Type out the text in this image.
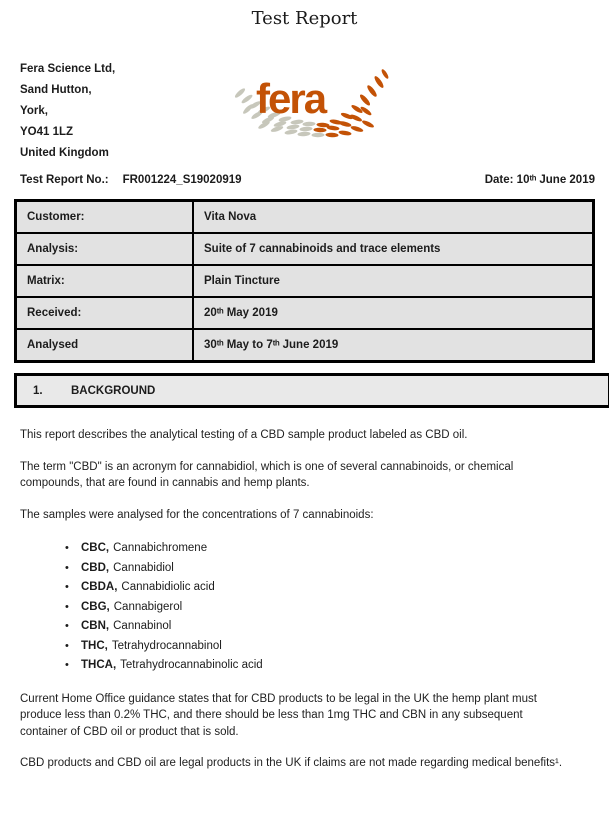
Test Report
Fera Science Ltd,
Sand Hutton,
York,
YO41 1LZ
United Kingdom
fera
Test Report No.: FR001224_S19020919	Date: 10ᵗʰ June 2019
Customer:	Vita Nova
Analysis:	Suite of 7 cannabinoids and trace elements
Matrix:	Plain Tincture
Received:	20ᵗʰ May 2019
Analysed	30ᵗʰ May to 7ᵗʰ June 2019
1.	BACKGROUND
This report describes the analytical testing of a CBD sample product labeled as CBD oil.
The term "CBD" is an acronym for cannabidiol, which is one of several cannabinoids, or chemical
compounds, that are found in cannabis and hemp plants.
The samples were analysed for the concentrations of 7 cannabinoids:
•	CBC, Cannabichromene
•	CBD, Cannabidiol
•	CBDA, Cannabidiolic acid
•	CBG, Cannabigerol
•	CBN, Cannabinol
•	THC, Tetrahydrocannabinol
•	THCA, Tetrahydrocannabinolic acid
Current Home Office guidance states that for CBD products to be legal in the UK the hemp plant must
produce less than 0.2% THC, and there should be less than 1mg THC and CBN in any subsequent
container of CBD oil or product that is sold.
CBD products and CBD oil are legal products in the UK if claims are not made regarding medical benefits¹.
